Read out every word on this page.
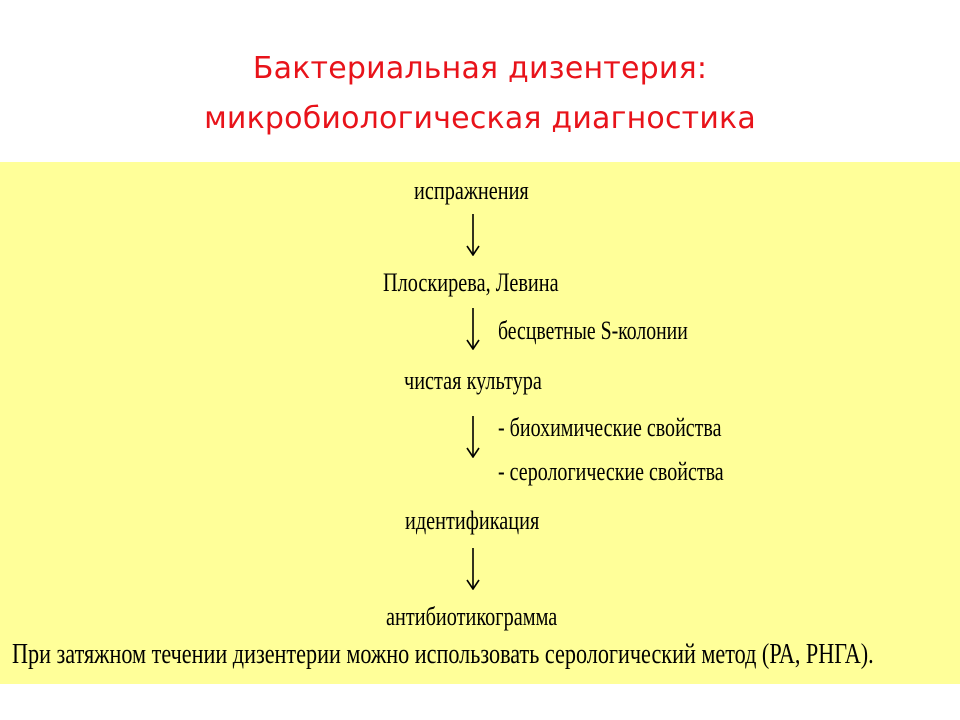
Бактериальная дизентерия:
микробиологическая диагностика
испражнения
Плоскирева, Левина
бесцветные S-колонии
чистая культура
- биохимические свойства
- серологические свойства
идентификация
антибиотикограмма
При затяжном течении дизентерии можно использовать серологический метод (РА, РНГА).
